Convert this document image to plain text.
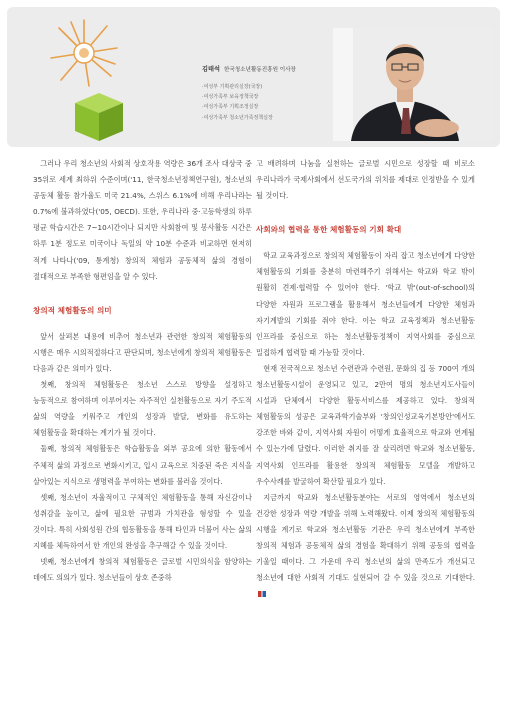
김태석 한국청소년활동진흥원 이사장
·여성부 기획관리실장(국장)
·여성가족부 보육정책국장
·여성가족부 기획조정실장
·여성가족부 청소년가족정책실장

그러나 우리 청소년의 사회적 상호작용 역량은 36개 조사 대상국 중 35위로 세계 최하위 수준이며('11, 한국청소년정책연구원), 청소년의 공동체 활동 참가율도 미국 21.4%, 스위스 6.1%에 비해 우리나라는 0.7%에 불과하였다('05, OECD). 또한, 우리나라 중·고등학생의 하루 평균 학습시간은 7~10시간이나 되지만 사회참여 및 봉사활동 시간은 하루 1분 정도로 미국이나 독일의 약 10분 수준과 비교하면 현저히 적게 나타나('09, 통계청) 창의적 체험과 공동체적 삶의 경험이 절대적으로 부족한 형편임을 알 수 있다.

창의적 체험활동의 의미

앞서 살펴본 내용에 비추어 청소년과 관련한 창의적 체험활동의 시행은 매우 시의적절하다고 판단되며, 청소년에게 창의적 체험활동은 다음과 같은 의미가 있다.

첫째, 창의적 체험활동은 청소년 스스로 방향을 설정하고 능동적으로 참여하며 이루어지는 자주적인 실천활동으로 자기 주도적 삶의 역량을 키워주고 개인의 성장과 발달, 변화를 유도하는 체험활동을 확대하는 계기가 될 것이다.

둘째, 창의적 체험활동은 학습활동을 외부 공요에 의한 활동에서 주체적 삶의 과정으로 변화시키고, 입시 교육으로 치중된 죽은 지식을 살아있는 지식으로 생명력을 부여하는 변화를 불러올 것이다.

셋째, 청소년이 자율적이고 구체적인 체험활동을 통해 자신감이나 성취감을 높이고, 삶에 필요한 규범과 가치관을 형성할 수 있을 것이다. 특히 사회성원 간의 협동활동을 통해 타인과 더불어 사는 삶의 지혜를 체득하여서 한 개인의 완성을 추구해갈 수 있을 것이다.

넷째, 청소년에게 창의적 체험활동은 글로벌 시민의식을 함양하는 데에도 의의가 있다. 청소년들이 상호 존중하

고 배려하며 나눔을 실천하는 글로벌 시민으로 성장할 때 비로소 우리나라가 국제사회에서 선도국가의 위치를 제대로 인정받을 수 있게 될 것이다.

사회와의 협력을 통한 체험활동의 기회 확대

학교 교육과정으로 창의적 체험활동이 자리 잡고 청소년에게 다양한 체험활동의 기회를 충분히 마련해주기 위해서는 학교와 학교 밖이 원활히 견제·협력할 수 있어야 한다. '학교 밖'(out-of-school)의 다양한 자원과 프로그램을 활용해서 청소년들에게 다양한 체험과 자기계발의 기회를 줘야 한다. 이는 학교 교육정책과 청소년활동 인프라를 중심으로 하는 청소년활동정책이 지역사회를 중심으로 밀접하게 협력할 때 가능할 것이다.

현재 전국적으로 청소년 수련관과 수련원, 문화의 집 등 700여 개의 청소년활동시설이 운영되고 있고, 2만여 명의 청소년지도사들이 시설과 단체에서 다양한 활동서비스를 제공하고 있다. 창의적 체험활동의 성공은 교육과학기술부와 '창의인성교육기본방안'에서도 강조한 바와 같이, 지역사회 자원이 어떻게 효율적으로 학교와 연계될 수 있는가에 달렸다. 이러한 취지를 잘 살리려면 학교와 청소년활동, 지역사회 인프라를 활용한 창의적 체험활동 모델을 개발하고 우수사례를 발굴하여 확산할 필요가 있다.

지금까지 학교와 청소년활동분야는 서로의 영역에서 청소년의 건강한 성장과 역량 개발을 위해 노력해왔다. 이제 창의적 체험활동의 시행을 계기로 학교와 청소년활동 기관은 우리 청소년에게 부족한 창의적 체험과 공동체적 삶의 경험을 확대하기 위해 공동의 협력을 기울일 때이다. 그 가운데 우리 청소년의 삶의 만족도가 개선되고 청소년에 대한 사회적 기대도 실현되어 갈 수 있을 것으로 기대한다.
